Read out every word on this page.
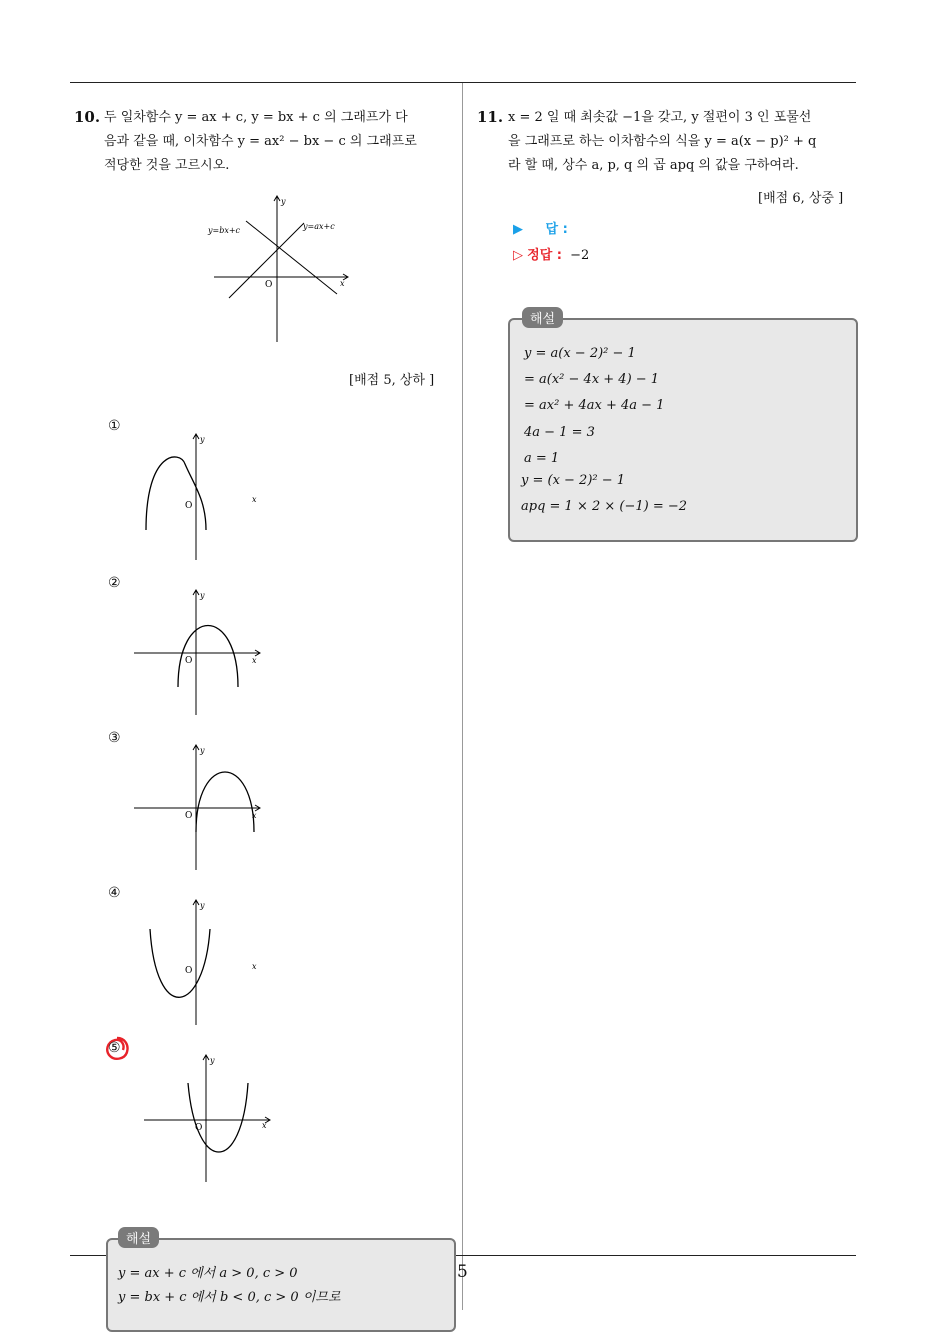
5
10. 두 일차함수 y = ax + c, y = bx + c 의 그래프가 다
음과 같을 때, 이차함수 y = ax² − bx − c 의 그래프로
적당한 것을 고르시오.
y=bx+c	y=ax+c
O	x
y
[배점 5, 상하 ]
①
O
x
y
②
O	x
y
③
O	x
y
④
O	x
y
⑤
O	x
y
해설
y = ax + c 에서 a > 0, c > 0
y = bx + c 에서 b < 0, c > 0 이므로
11. x = 2 일 때 최솟값 −1을 갖고, y 절편이 3 인 포물선
을 그래프로 하는 이차함수의 식을 y = a(x − p)² + q
라 할 때, 상수 a, p, q 의 곱 apq 의 값을 구하여라.
[배점 6, 상중 ]
▶ 답 :
▷ 정답 : −2
해설
y = a(x − 2)² − 1
= a(x² − 4x + 4) − 1
= ax² + 4ax + 4a − 1
4a − 1 = 3
a = 1
y = (x − 2)² − 1
apq = 1 × 2 × (−1) = −2
